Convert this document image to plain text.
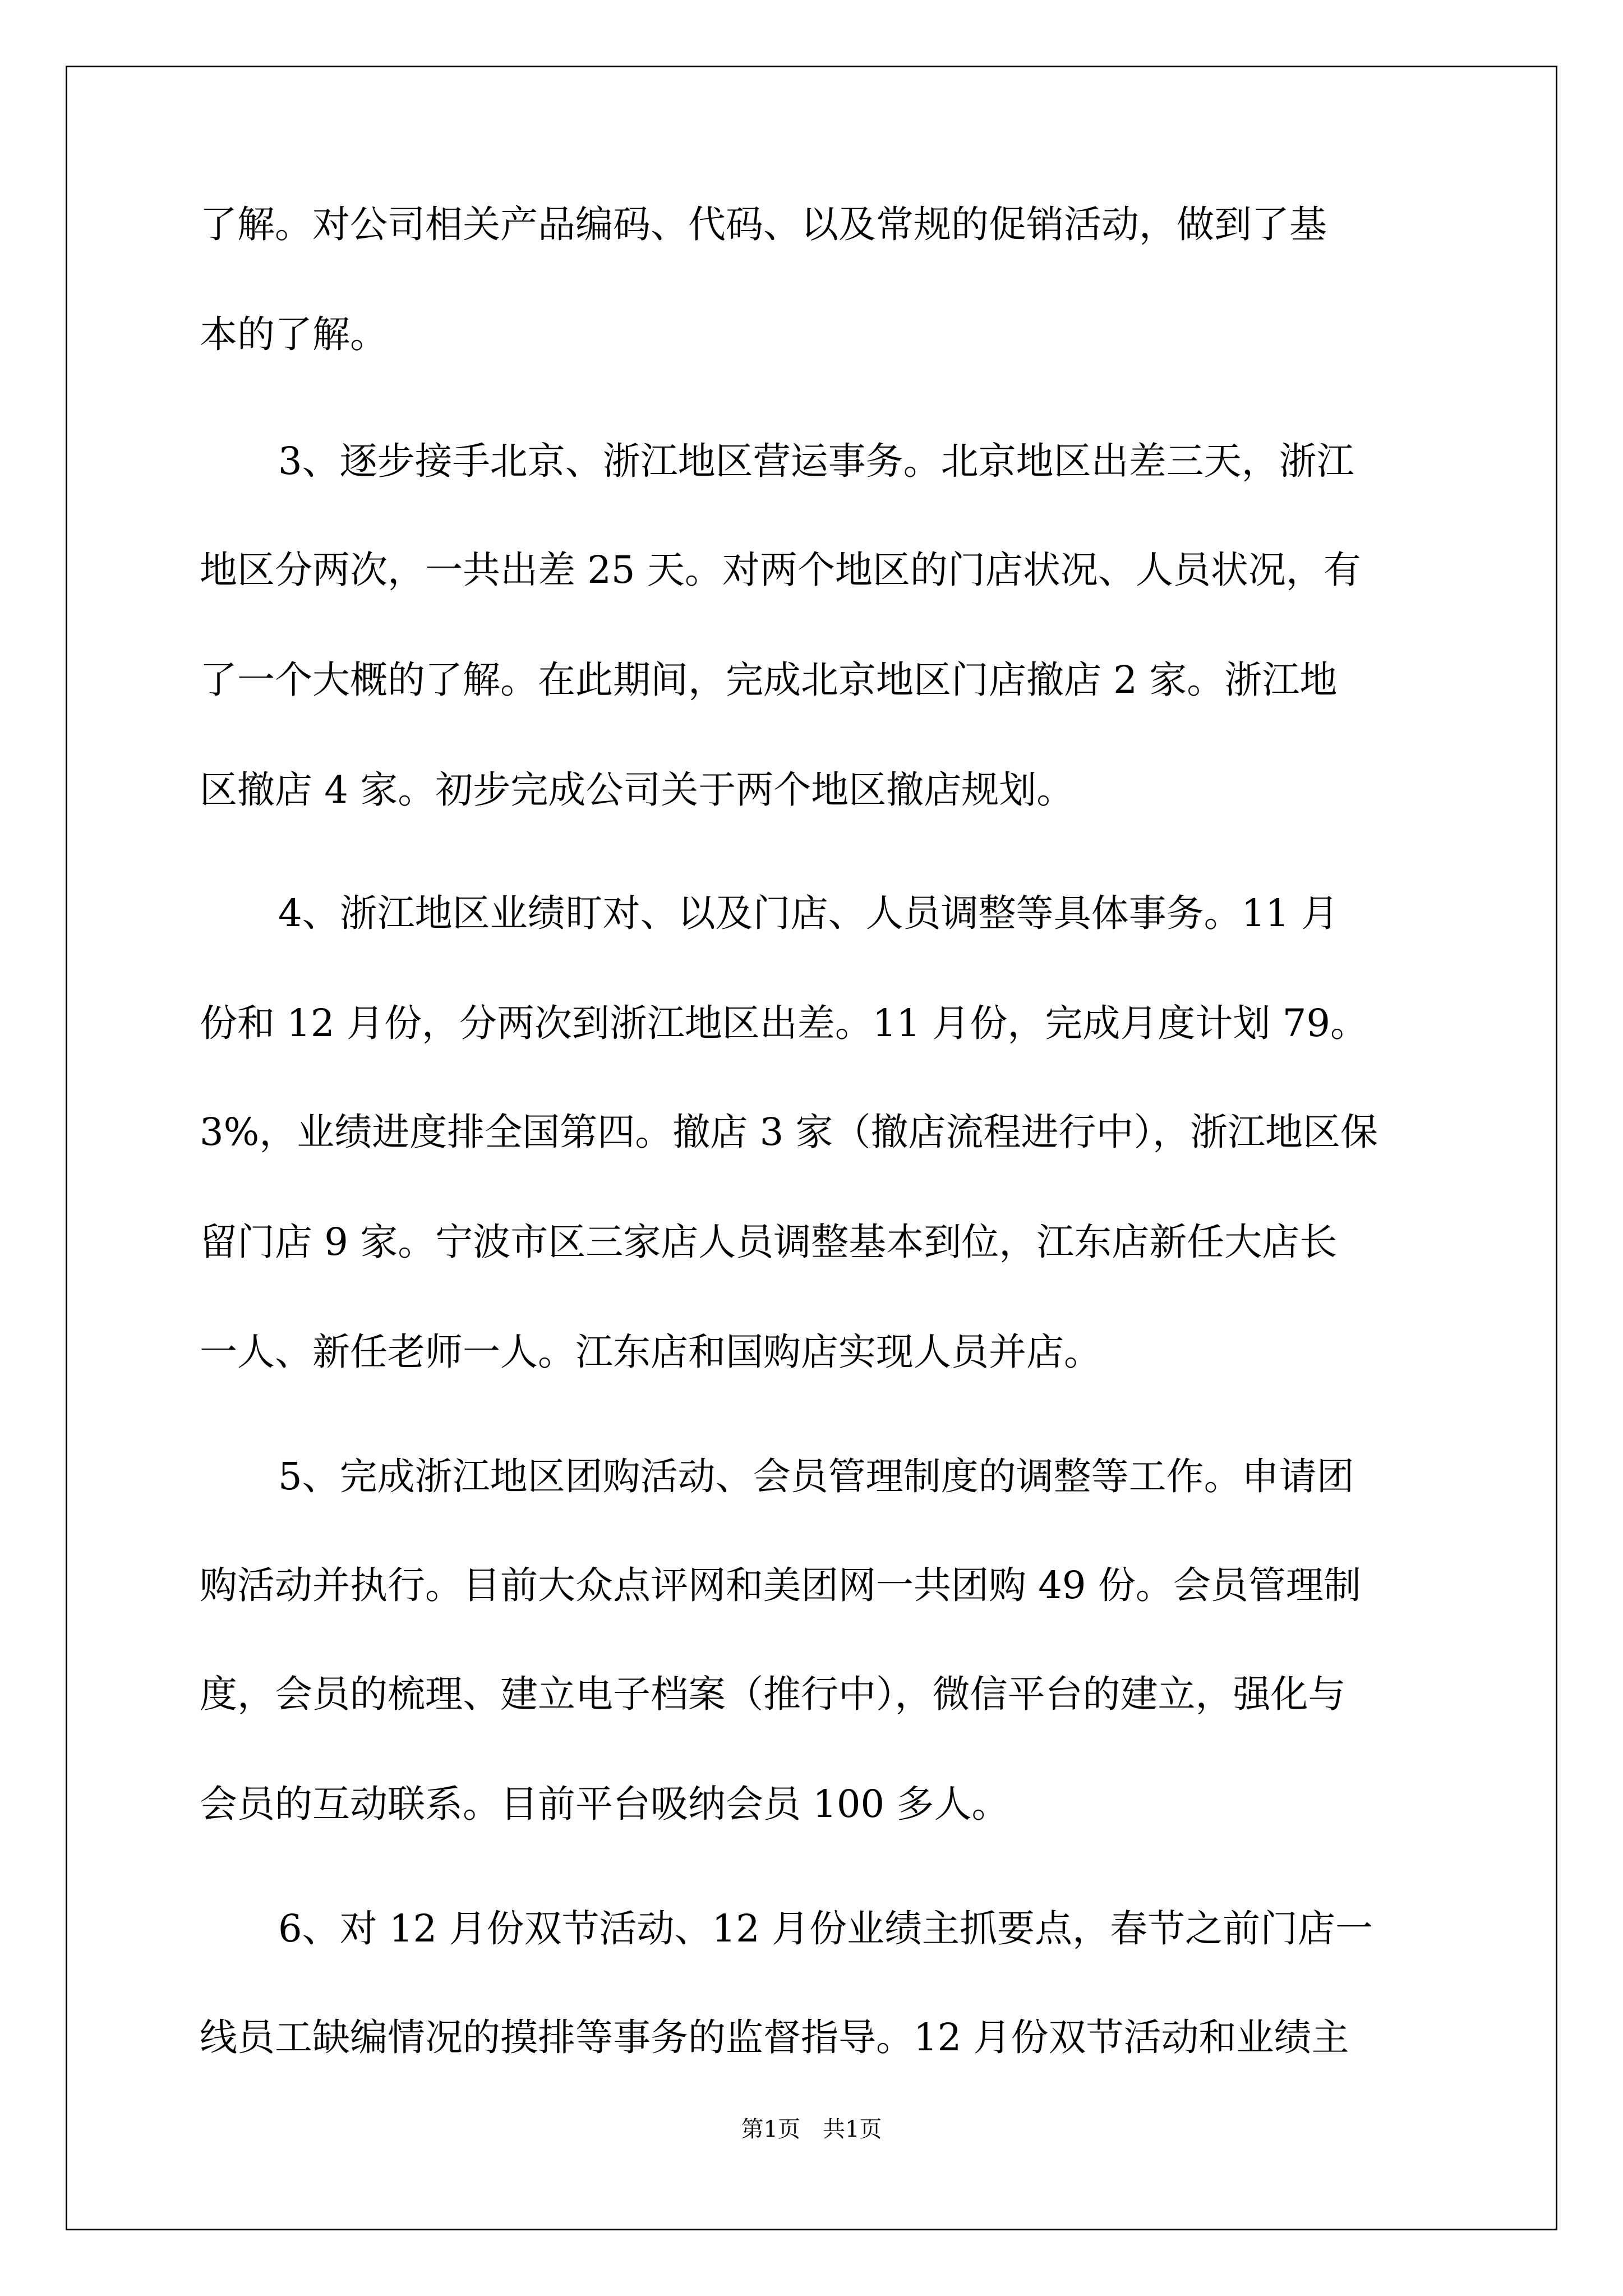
了解。对公司相关产品编码、代码、以及常规的促销活动，做到了基
本的了解。
3、逐步接手北京、浙江地区营运事务。北京地区出差三天，浙江
地区分两次，一共出差 25 天。对两个地区的门店状况、人员状况，有
了一个大概的了解。在此期间，完成北京地区门店撤店 2 家。浙江地
区撤店 4 家。初步完成公司关于两个地区撤店规划。
4、浙江地区业绩盯对、以及门店、人员调整等具体事务。11 月
份和 12 月份，分两次到浙江地区出差。11 月份，完成月度计划 79。
3%，业绩进度排全国第四。撤店 3 家（撤店流程进行中），浙江地区保
留门店 9 家。宁波市区三家店人员调整基本到位，江东店新任大店长
一人、新任老师一人。江东店和国购店实现人员并店。
5、完成浙江地区团购活动、会员管理制度的调整等工作。申请团
购活动并执行。目前大众点评网和美团网一共团购 49 份。会员管理制
度，会员的梳理、建立电子档案（推行中），微信平台的建立，强化与
会员的互动联系。目前平台吸纳会员 100 多人。
6、对 12 月份双节活动、12 月份业绩主抓要点，春节之前门店一
线员工缺编情况的摸排等事务的监督指导。12 月份双节活动和业绩主
第1页　共1页
